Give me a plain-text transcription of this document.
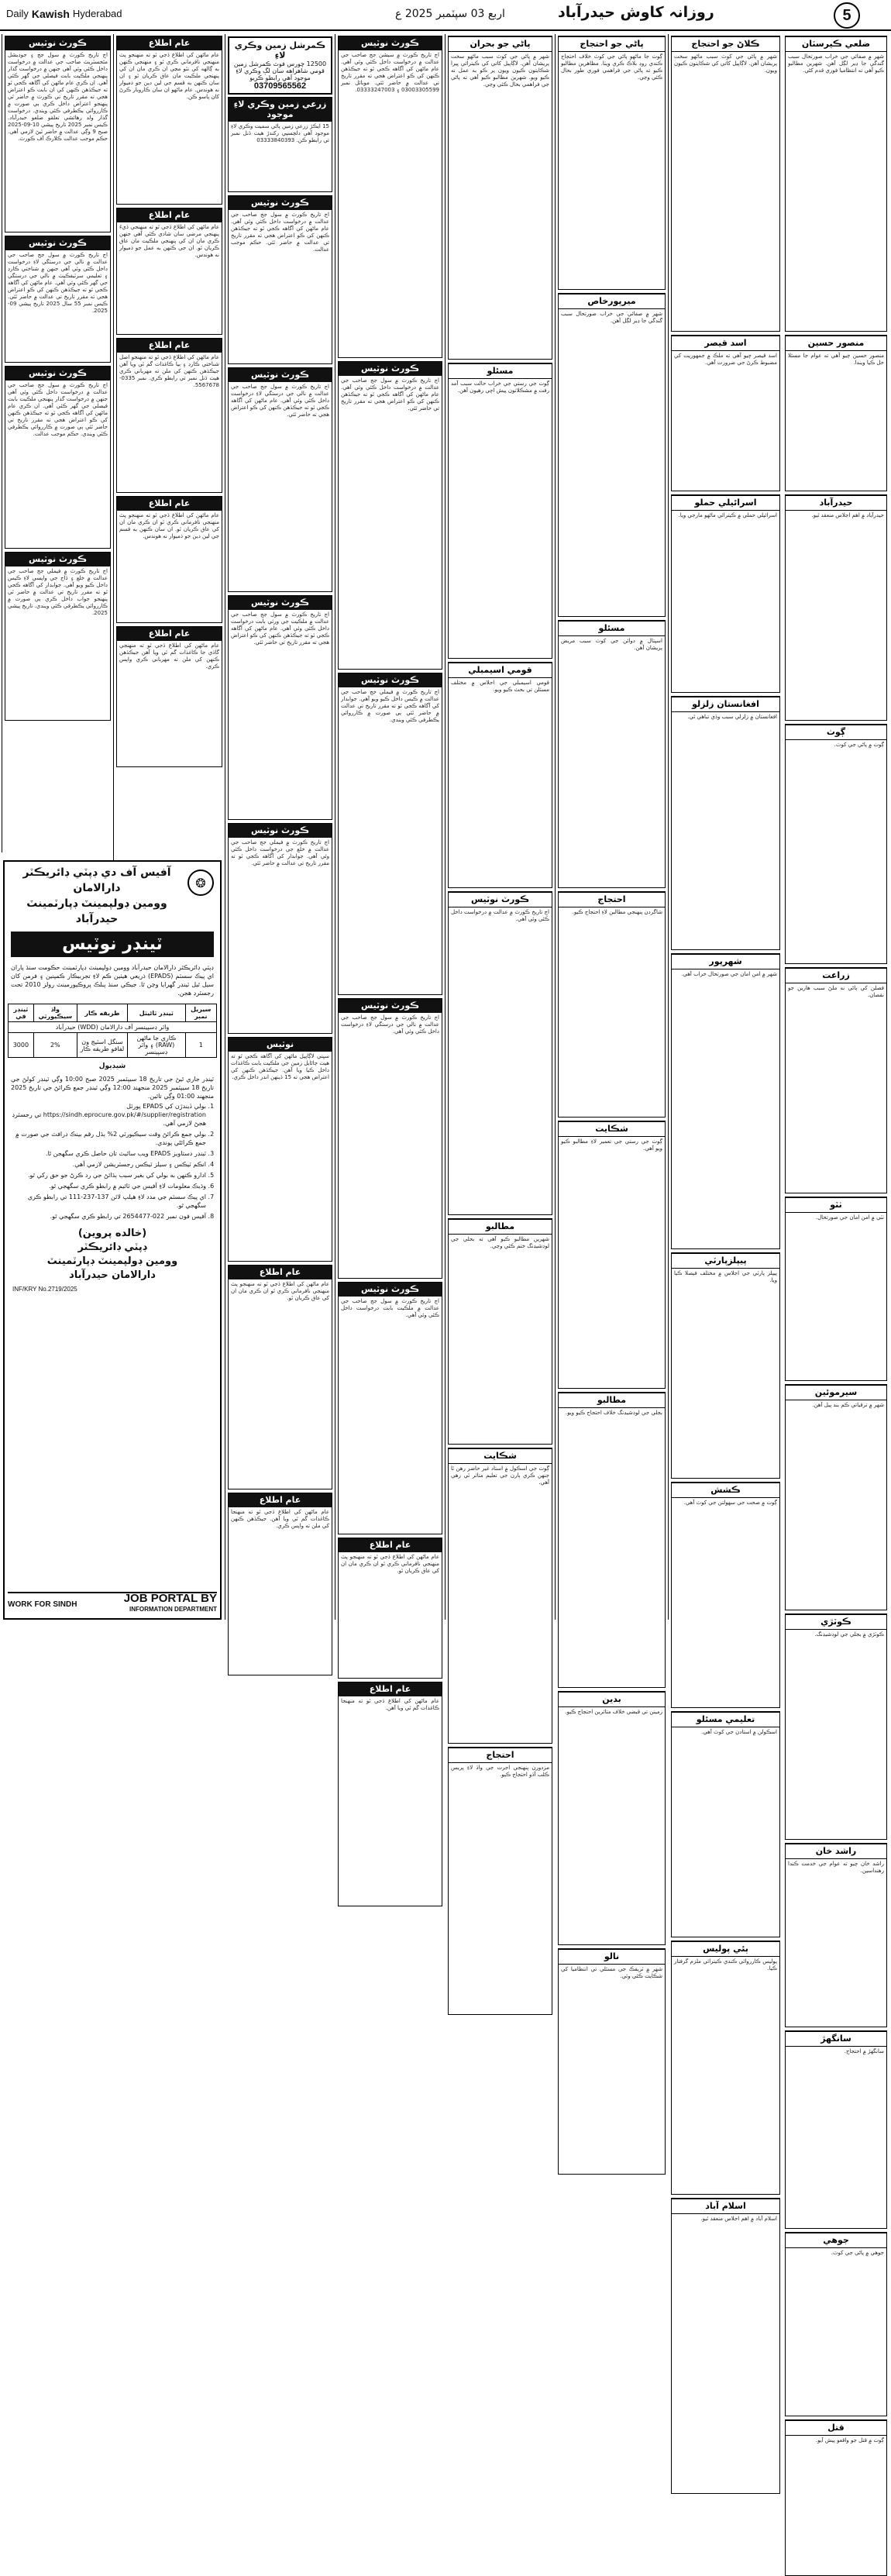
Daily Kawish Hyderabad	اربع 03 سپٽمبر 2025 ع	روزانہ کاوش حیدرآباد	5
ڪورٽ نوٽيس
اڄ تاريخ ڪورٽ ۾ سول جج ۽ جوڊيشل مئجسٽريٽ صاحب جي عدالت ۾ درخواست داخل ڪئي وئي آهي جنهن ۾ درخواست گذار پنهنجي ملڪيت بابت فيصلي جي گهر ڪئي آهي. ان ڪري عام ماڻهن کي آگاهه ڪجي ٿو ته جيڪڏهن ڪنهن کي ان بابت ڪو اعتراض هجي ته مقرر تاريخ تي ڪورٽ ۾ حاضر ٿي پنهنجو اعتراض داخل ڪري ٻي صورت ۾ ڪارروائي يڪطرفي ڪئي ويندي. درخواست گذار ولد رهائشي تعلقو ضلعو حيدرآباد. ڪيس نمبر 2025 تاريخ پيشي 10-09-2025 صبح 9 وڳي عدالت ۾ حاضر ٿيڻ لازمي آهي. حڪم موجب عدالت ڪلارڪ آف ڪورٽ.
ڪورٽ نوٽيس
اڄ تاريخ ڪورٽ ۾ سول جج صاحب جي عدالت ۾ نالي جي درستگي لاءِ درخواست داخل ڪئي وئي آهي جنهن ۾ شناختي ڪارڊ ۽ تعليمي سرٽيفڪيٽ ۾ نالي جي درستگي جي گهر ڪئي وئي آهي. عام ماڻهن کي آگاهه ڪجي ٿو ته جيڪڏهن ڪنهن کي ڪو اعتراض هجي ته مقرر تاريخ تي عدالت ۾ حاضر ٿئي. ڪيس نمبر 55 سال 2025 تاريخ پيشي 09-2025.
ڪورٽ نوٽيس
اڄ تاريخ ڪورٽ ۾ سول جج صاحب جي عدالت ۾ درخواست داخل ڪئي وئي آهي جنهن ۾ درخواست گذار پنهنجي ملڪيت بابت فيصلي جي گهر ڪئي آهي. ان ڪري عام ماڻهن کي آگاهه ڪجي ٿو ته جيڪڏهن ڪنهن کي ڪو اعتراض هجي ته مقرر تاريخ تي حاضر ٿئي ٻي صورت ۾ ڪارروائي يڪطرفي ڪئي ويندي. حڪم موجب عدالت.
ڪورٽ نوٽيس
اڄ تاريخ ڪورٽ ۾ فيملي جج صاحب جي عدالت ۾ خلع ۽ ڏاج جي واپسي لاءِ ڪيس داخل ڪيو ويو آهي. جوابدار کي آگاهه ڪجي ٿو ته مقرر تاريخ تي عدالت ۾ حاضر ٿي پنهنجو جواب داخل ڪري ٻي صورت ۾ ڪارروائي يڪطرفي ڪئي ويندي. تاريخ پيشي 2025.
عام اطلاع
عام ماڻهن کي اطلاع ڏجي ٿو ته منهنجو پٽ منهنجي نافرماني ڪري ٿو ۽ منهنجي ڪنهن به ڳالهه کي نٿو مڃي ان ڪري مان ان کي پنهنجي ملڪيت مان عاق ڪريان ٿو ۽ ان سان ڪنهن به قسم جي لين دين جو ذميوار نه هوندس. عام ماڻهو ان سان ڪاروبار ڪرڻ کان پاسو ڪن.
عام اطلاع
عام ماڻهن کي اطلاع ڏجي ٿو ته منهنجي ڌيءَ پنهنجي مرضي سان شادي ڪئي آهي جنهن ڪري مان ان کي پنهنجي ملڪيت مان عاق ڪريان ٿو. ان جي ڪنهن به عمل جو ذميوار نه هوندس.
عام اطلاع
عام ماڻهن کي اطلاع ڏجي ٿو ته منهنجو اصل شناختي ڪارڊ ۽ ٻيا ڪاغذات گم ٿي ويا آهن جيڪڏهن ڪنهن کي ملن ته مهرباني ڪري هيٺ ڏنل نمبر تي رابطو ڪري. نمبر 0335-5567678.
عام اطلاع
عام ماڻهن کي اطلاع ڏجي ٿو ته منهنجو پٽ منهنجي نافرماني ڪري ٿو ان ڪري مان ان کي عاق ڪريان ٿو. ان سان ڪنهن به قسم جي لين دين جو ذميوار نه هوندس.
عام اطلاع
عام ماڻهن کي اطلاع ڏجي ٿو ته منهنجي گاڏي جا ڪاغذات گم ٿي ويا آهن جيڪڏهن ڪنهن کي ملن ته مهرباني ڪري واپس ڪري.
ڪمرشل زمين وڪري لاءِ
12500 چورس فوٽ ڪمرشل زمين قومي شاهراهه سان لڳ وڪري لاءِ موجود آهي رابطو ڪريو
03709565562
زرعي زمين وڪري لاءِ موجود
15 ايڪڙ زرعي زمين پاڻي سميت وڪري لاءِ موجود آهي دلچسپي رکندڙ هيٺ ڏنل نمبر تي رابطو ڪن. 03333840393
ڪورٽ نوٽيس
اڄ تاريخ ڪورٽ ۾ سول جج صاحب جي عدالت ۾ درخواست داخل ڪئي وئي آهي. عام ماڻهن کي آگاهه ڪجي ٿو ته جيڪڏهن ڪنهن کي ڪو اعتراض هجي ته مقرر تاريخ تي عدالت ۾ حاضر ٿئي. حڪم موجب عدالت.
ڪورٽ نوٽيس
اڄ تاريخ ڪورٽ ۾ سول جج صاحب جي عدالت ۾ نالي جي درستگي لاءِ درخواست داخل ڪئي وئي آهي. عام ماڻهن کي آگاهه ڪجي ٿو ته جيڪڏهن ڪنهن کي ڪو اعتراض هجي ته حاضر ٿئي.
ڪورٽ نوٽيس
اڄ تاريخ ڪورٽ ۾ سول جج صاحب جي عدالت ۾ ملڪيت جي ورثي بابت درخواست داخل ڪئي وئي آهي. عام ماڻهن کي آگاهه ڪجي ٿو ته جيڪڏهن ڪنهن کي ڪو اعتراض هجي ته مقرر تاريخ تي حاضر ٿئي.
ڪورٽ نوٽيس
اڄ تاريخ ڪورٽ ۾ فيملي جج صاحب جي عدالت ۾ خلع جي درخواست داخل ڪئي وئي آهي. جوابدار کي آگاهه ڪجي ٿو ته مقرر تاريخ تي عدالت ۾ حاضر ٿئي.
نوٽيس
سڀني لاڳاپيل ماڻهن کي آگاهه ڪجي ٿو ته هيٺ ڄاڻايل زمين جي ملڪيت بابت ڪاغذات داخل ڪيا ويا آهن. جيڪڏهن ڪنهن کي اعتراض هجي ته 15 ڏينهن اندر داخل ڪري.
عام اطلاع
عام ماڻهن کي اطلاع ڏجي ٿو ته منهنجو پٽ منهنجي نافرماني ڪري ٿو ان ڪري مان ان کي عاق ڪريان ٿو.
عام اطلاع
عام ماڻهن کي اطلاع ڏجي ٿو ته منهنجا ڪاغذات گم ٿي ويا آهن. جيڪڏهن ڪنهن کي ملن ته واپس ڪري.
ڪورٽ نوٽيس
اڄ تاريخ ڪورٽ ۾ سيشن جج صاحب جي عدالت ۾ درخواست داخل ڪئي وئي آهي. عام ماڻهن کي آگاهه ڪجي ٿو ته جيڪڏهن ڪنهن کي ڪو اعتراض هجي ته مقرر تاريخ تي عدالت ۾ حاضر ٿئي. موبائل نمبر 03003305599 ۽ 03333247003.
ڪورٽ نوٽيس
اڄ تاريخ ڪورٽ ۾ سول جج صاحب جي عدالت ۾ درخواست داخل ڪئي وئي آهي. عام ماڻهن کي آگاهه ڪجي ٿو ته جيڪڏهن ڪنهن کي ڪو اعتراض هجي ته مقرر تاريخ تي حاضر ٿئي.
ڪورٽ نوٽيس
اڄ تاريخ ڪورٽ ۾ فيملي جج صاحب جي عدالت ۾ ڪيس داخل ڪيو ويو آهي. جوابدار کي آگاهه ڪجي ٿو ته مقرر تاريخ تي عدالت ۾ حاضر ٿئي ٻي صورت ۾ ڪارروائي يڪطرفي ڪئي ويندي.
ڪورٽ نوٽيس
اڄ تاريخ ڪورٽ ۾ سول جج صاحب جي عدالت ۾ نالي جي درستگي لاءِ درخواست داخل ڪئي وئي آهي.
ڪورٽ نوٽيس
اڄ تاريخ ڪورٽ ۾ سول جج صاحب جي عدالت ۾ ملڪيت بابت درخواست داخل ڪئي وئي آهي.
عام اطلاع
عام ماڻهن کي اطلاع ڏجي ٿو ته منهنجو پٽ منهنجي نافرماني ڪري ٿو ان ڪري مان ان کي عاق ڪريان ٿو.
عام اطلاع
عام ماڻهن کي اطلاع ڏجي ٿو ته منهنجا ڪاغذات گم ٿي ويا آهن.
پاڻي جو بحران
شهر ۾ پاڻي جي کوٽ سبب ماڻهو سخت پريشان آهن. لاڳاپيل کاتي کي ڪيترائي ڀيرا شڪايتون ڪيون ويون پر ڪو به عمل نه ڪيو ويو. شهرين مطالبو ڪيو آهي ته پاڻي جي فراهمي بحال ڪئي وڃي.
مسئلو
ڳوٺ جي رستي جي خراب حالت سبب آمد رفت ۾ مشڪلاتون پيش اچي رهيون آهن.
قومي اسيمبلي
قومي اسيمبلي جي اجلاس ۾ مختلف مسئلن تي بحث ڪيو ويو.
ڪورٽ نوٽيس
اڄ تاريخ ڪورٽ ۾ عدالت ۾ درخواست داخل ڪئي وئي آهي.
مطالبو
شهرين مطالبو ڪيو آهي ته بجلي جي لوڊشيڊنگ ختم ڪئي وڃي.
شڪايت
ڳوٺ جي اسڪول ۾ استاد غير حاضر رهن ٿا جنهن ڪري ٻارن جي تعليم متاثر ٿي رهي آهي.
احتجاج
مزدورن پنهنجي اجرت جي واڌ لاءِ پريس ڪلب آڏو احتجاج ڪيو.
پاڻي جو احتجاج
ڳوٺ جا ماڻهو پاڻي جي کوٽ خلاف احتجاج ڪندي روڊ بلاڪ ڪري ويٺا. مظاهرين مطالبو ڪيو ته پاڻي جي فراهمي فوري طور بحال ڪئي وڃي.
ميرپورخاص
شهر ۾ صفائي جي خراب صورتحال سبب گندگي جا ڍير لڳل آهن.
مسئلو
اسپتال ۾ دوائن جي کوٽ سبب مريض پريشان آهن.
احتجاج
شاگردن پنهنجي مطالبن لاءِ احتجاج ڪيو.
شڪايت
ڳوٺ جي رستي جي تعمير لاءِ مطالبو ڪيو ويو آهي.
مطالبو
بجلي جي لوڊشيڊنگ خلاف احتجاج ڪيو ويو.
بدين
زمينن تي قبضي خلاف متاثرين احتجاج ڪيو.
نالو
شهر ۾ ٽريفڪ جي مسئلي تي انتظاميا کي شڪايت ڪئي وئي.
ڪلاڻ جو احتجاج
شهر ۾ پاڻي جي کوٽ سبب ماڻهو سخت پريشان آهن. لاڳاپيل کاتي کي شڪايتون ڪيون ويون.
اسد قيصر
اسد قيصر چيو آهي ته ملڪ ۾ جمهوريت کي مضبوط ڪرڻ جي ضرورت آهي.
اسرائيلي حملو
اسرائيلي حملي ۾ ڪيترائي ماڻهو مارجي ويا.
افغانستان زلزلو
افغانستان ۾ زلزلي سبب وڏي تباهي ٿي.
شهرپور
شهر ۾ امن امان جي صورتحال خراب آهي.
پيپلزپارٽي
پيپلز پارٽي جي اجلاس ۾ مختلف فيصلا ڪيا ويا.
ڪشش
ڳوٺ ۾ صحت جي سهولتن جي کوٽ آهي.
تعليمي مسئلو
اسڪولن ۾ استادن جي کوٽ آهي.
ٻئي پوليس
پوليس ڪارروائي ڪندي ڪيترائي ملزم گرفتار ڪيا.
اسلام آباد
اسلام آباد ۾ اهم اجلاس منعقد ٿيو.
ضلعي ڪيرسٽان
شهر ۾ صفائي جي خراب صورتحال سبب گندگي جا ڍير لڳل آهن. شهرين مطالبو ڪيو آهي ته انتظاميا فوري قدم کڻي.
منصور حسين
منصور حسين چيو آهي ته عوام جا مسئلا حل ڪيا ويندا.
حيدرآباد
حيدرآباد ۾ اهم اجلاس منعقد ٿيو.
ڳوٺ
ڳوٺ ۾ پاڻي جي کوٽ.
زراعت
فصلن کي پاڻي نه ملڻ سبب هارين جو نقصان.
ٺٽو
ٺٽي ۾ امن امان جي صورتحال.
سيرموئين
شهر ۾ ترقياتي ڪم بند پيل آهن.
ڪوٽڙي
ڪوٽڙي ۾ بجلي جي لوڊشيڊنگ.
راشد خان
راشد خان چيو ته عوام جي خدمت ڪندا رهنداسين.
سانگھڙ
سانگھڙ ۾ احتجاج.
جوهي
جوهي ۾ پاڻي جي کوٽ.
قتل
ڳوٺ ۾ قتل جو واقعو پيش آيو.
❂
آفيس آف دي ڊپٽي ڊائريڪٽر دارالامان
وومين ڊولپمينٽ ڊپارٽمينٽ حيدرآباد
ٽينڊر نوٽيس
ڊپٽي ڊائريڪٽر دارالامان حيدرآباد وومين ڊولپمينٽ ڊپارٽمينٽ حڪومت سنڌ پاران اي پيڪ سسٽم (EPADS) ذريعي هيٺين ڪم لاءِ تجربيڪار ڪمپنين ۽ فرمن کان سيل ٿيل ٽينڊر گهرايا وڃن ٿا. جيڪي سنڌ پبلڪ پروڪيورمينٽ رولز 2010 تحت رجسٽرڊ هجن.
سيريل نمبر	ٽينڊر ٽائيٽل	طريقه ڪار	واڌ سيڪيورٽي	ٽينڊر في
واٽر ڊسپينسر آف دارالامان (WDD) حيدرآباد				
1	ڪاري جا ماڻهن (RAW) ۽ واٽر ڊسپينسر	سنگل اسٽيج ون لفافو طريقه ڪار	2%	3000
شيڊيول
ٽينڊر جاري ٿيڻ جي تاريخ 18 سيپٽمبر 2025 صبح 10:00 وڳي ٽينڊر کولڻ جي تاريخ 18 سيپٽمبر 2025 منجهند 12:00 وڳي ٽينڊر جمع ڪرائڻ جي تاريخ 2025 منجهند 01:00 وڳي تائين.
1. بولي ڏيندڙن کي EPADS پورٽل https://sindh.eprocure.gov.pk/#/supplier/registration تي رجسٽرڊ هجڻ لازمي آهي.
2. بولي جمع ڪرائڻ وقت سيڪيورٽي 2% ٻڌل رقم بينڪ ڊرافٽ جي صورت ۾ جمع ڪرائڻي پوندي.
3. ٽينڊر دستاويز EPADS ويب سائيٽ تان حاصل ڪري سگهجن ٿا.
4. انڪم ٽيڪس ۽ سيلز ٽيڪس رجسٽريشن لازمي آهي.
5. ادارو ڪنهن به بولي کي بغير سبب ٻڌائڻ جي رد ڪرڻ جو حق رکي ٿو.
6. وڌيڪ معلومات لاءِ آفيس جي ٽائيم ۾ رابطو ڪري سگهجي ٿو.
7. اي پيڪ سسٽم جي مدد لاءِ هيلپ لائن 137-237-111 تي رابطو ڪري سگهجي ٿو.
8. آفيس فون نمبر 022-2654477 تي رابطو ڪري سگهجي ٿو.
(خالده پروين)
ڊپٽي ڊائريڪٽر
وومين ڊولپمينٽ ڊپارٽمينٽ
دارالامان حيدرآباد
INF/KRY No.2719/2025
WORK FOR SINDH	JOB PORTAL BY
INFORMATION DEPARTMENT
